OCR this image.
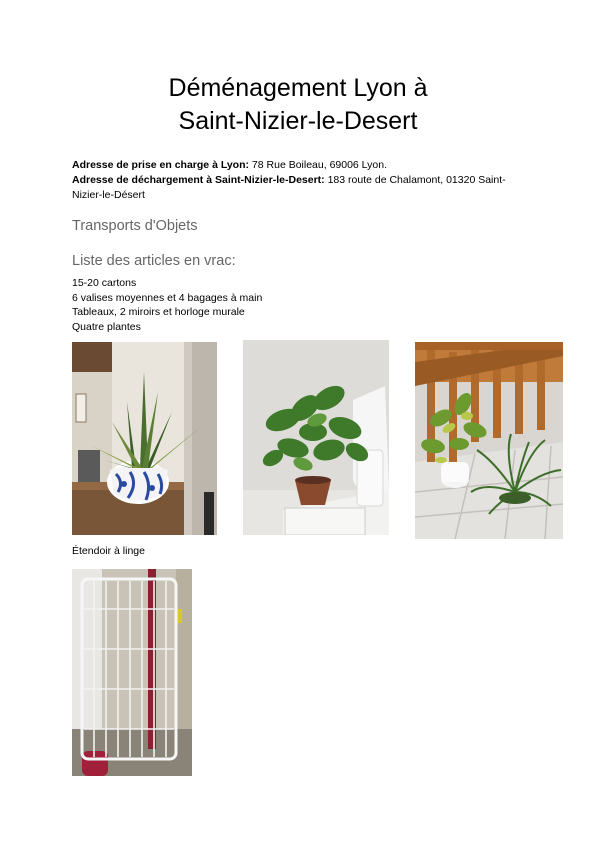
Déménagement Lyon à
Saint-Nizier-le-Desert
Adresse de prise en charge à Lyon: 78 Rue Boileau, 69006 Lyon.
Adresse de déchargement à Saint-Nizier-le-Desert: 183 route de Chalamont, 01320 Saint-Nizier-le-Désert
Transports d'Objets
Liste des articles en vrac:
15-20 cartons
6 valises moyennes et 4 bagages à main
Tableaux, 2 miroirs et horloge murale
Quatre plantes
Étendoir à linge
